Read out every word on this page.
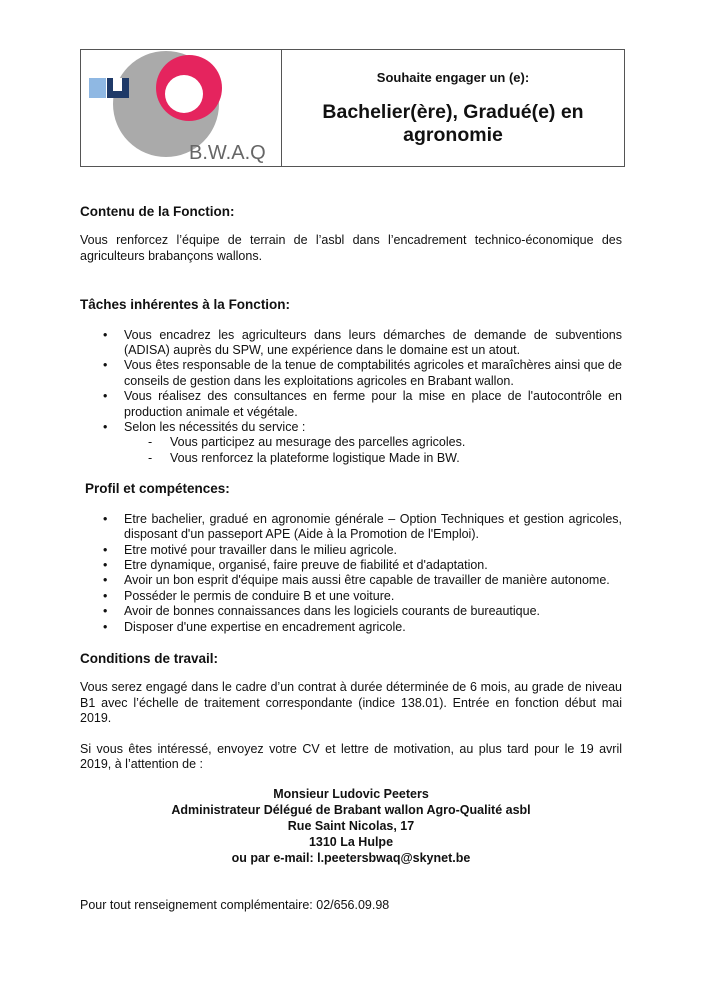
B.W.A.Q
Souhaite engager un (e):
Bachelier(ère), Gradué(e) en
agronomie
Contenu de la Fonction:

Vous renforcez l’équipe de terrain de l’asbl dans l’encadrement technico-économique des agriculteurs brabançons wallons.

Tâches inhérentes à la Fonction:
• Vous encadrez les agriculteurs dans leurs démarches de demande de subventions (ADISA) auprès du SPW, une expérience dans le domaine est un atout.
• Vous êtes responsable de la tenue de comptabilités agricoles et maraîchères ainsi que de conseils de gestion dans les exploitations agricoles en Brabant wallon.
• Vous réalisez des consultances en ferme pour la mise en place de l'autocontrôle en production animale et végétale.
• Selon les nécessités du service :
- Vous participez au mesurage des parcelles agricoles.
- Vous renforcez la plateforme logistique Made in BW.
Profil et compétences:
• Etre bachelier, gradué en agronomie générale – Option Techniques et gestion agricoles, disposant d'un passeport APE (Aide à la Promotion de l'Emploi).
• Etre motivé pour travailler dans le milieu agricole.
• Etre dynamique, organisé, faire preuve de fiabilité et d'adaptation.
• Avoir un bon esprit d'équipe mais aussi être capable de travailler de manière autonome.
• Posséder le permis de conduire B et une voiture.
• Avoir de bonnes connaissances dans les logiciels courants de bureautique.
• Disposer d'une expertise en encadrement agricole.
Conditions de travail:

Vous serez engagé dans le cadre d’un contrat à durée déterminée de 6 mois, au grade de niveau B1 avec l’échelle de traitement correspondante (indice 138.01). Entrée en fonction début mai 2019.

Si vous êtes intéressé, envoyez votre CV et lettre de motivation, au plus tard pour le 19 avril 2019, à l’attention de :

Monsieur Ludovic Peeters
Administrateur Délégué de Brabant wallon Agro-Qualité asbl
Rue Saint Nicolas, 17
1310 La Hulpe
ou par e-mail: l.peetersbwaq@skynet.be

Pour tout renseignement complémentaire: 02/656.09.98
